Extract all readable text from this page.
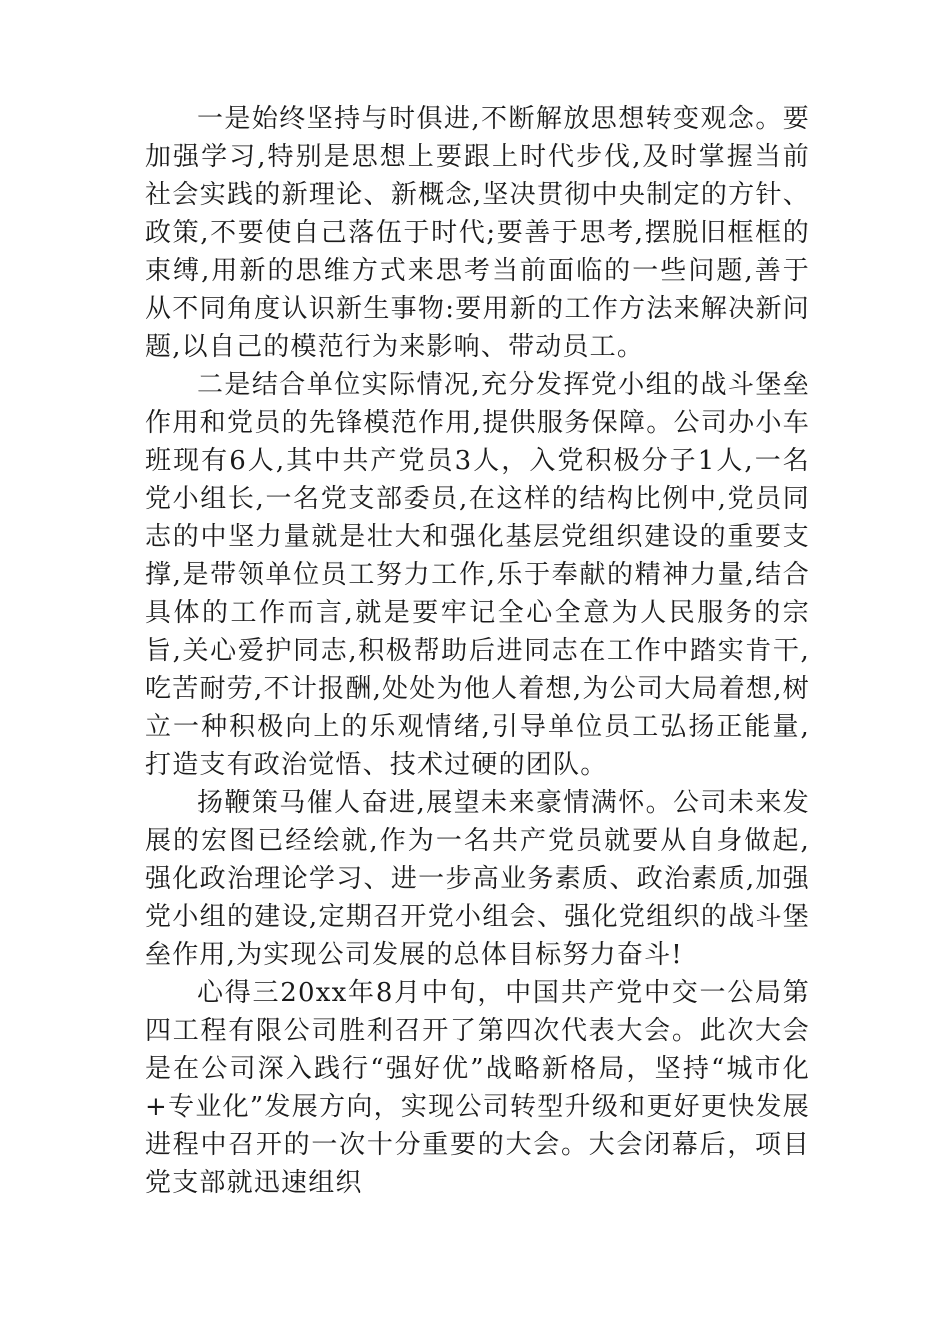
一是始终坚持与时俱进,不断解放思想转变观念。要加强学习,特别是思想上要跟上时代步伐,及时掌握当前社会实践的新理论、新概念,坚决贯彻中央制定的方针、政策,不要使自己落伍于时代;要善于思考,摆脱旧框框的束缚,用新的思维方式来思考当前面临的一些问题,善于从不同角度认识新生事物:要用新的工作方法来解决新问题,以自己的模范行为来影响、带动员工。

二是结合单位实际情况,充分发挥党小组的战斗堡垒作用和党员的先锋模范作用,提供服务保障。公司办小车班现有6人,其中共产党员3人，入党积极分子1人,一名党小组长,一名党支部委员,在这样的结构比例中,党员同志的中坚力量就是壮大和强化基层党组织建设的重要支撑,是带领单位员工努力工作,乐于奉献的精神力量,结合具体的工作而言,就是要牢记全心全意为人民服务的宗旨,关心爱护同志,积极帮助后进同志在工作中踏实肯干,吃苦耐劳,不计报酬,处处为他人着想,为公司大局着想,树立一种积极向上的乐观情绪,引导单位员工弘扬正能量,打造支有政治觉悟、技术过硬的团队。

扬鞭策马催人奋进,展望未来豪情满怀。公司未来发展的宏图已经绘就,作为一名共产党员就要从自身做起,强化政治理论学习、进一步高业务素质、政治素质,加强党小组的建设,定期召开党小组会、强化党组织的战斗堡垒作用,为实现公司发展的总体目标努力奋斗!

心得三20xx年8月中旬，中国共产党中交一公局第四工程有限公司胜利召开了第四次代表大会。此次大会是在公司深入践行“强好优”战略新格局，坚持“城市化+专业化”发展方向，实现公司转型升级和更好更快发展进程中召开的一次十分重要的大会。大会闭幕后，项目党支部就迅速组织
